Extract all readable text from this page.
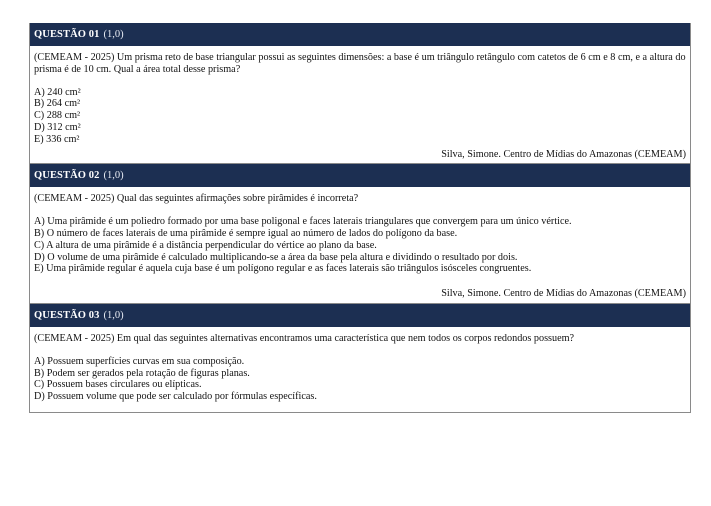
QUESTÃO 01 (1,0)

(CEMEAM - 2025) Um prisma reto de base triangular possui as seguintes dimensões: a base é um triângulo retângulo com catetos de 6 cm e 8 cm, e a altura do prisma é de 10 cm. Qual a área total desse prisma?

A) 240 cm²

B) 264 cm²

C) 288 cm²

D) 312 cm²

E) 336 cm²

Silva, Simone. Centro de Mídias do Amazonas (CEMEAM)
QUESTÃO 02 (1,0)

(CEMEAM - 2025) Qual das seguintes afirmações sobre pirâmides é incorreta?

A) Uma pirâmide é um poliedro formado por uma base poligonal e faces laterais triangulares que convergem para um único vértice.

B) O número de faces laterais de uma pirâmide é sempre igual ao número de lados do polígono da base.

C) A altura de uma pirâmide é a distância perpendicular do vértice ao plano da base.

D) O volume de uma pirâmide é calculado multiplicando-se a área da base pela altura e dividindo o resultado por dois.

E) Uma pirâmide regular é aquela cuja base é um polígono regular e as faces laterais são triângulos isósceles congruentes.

Silva, Simone. Centro de Mídias do Amazonas (CEMEAM)
QUESTÃO 03 (1,0)

(CEMEAM - 2025) Em qual das seguintes alternativas encontramos uma característica que nem todos os corpos redondos possuem?

A) Possuem superfícies curvas em sua composição.

B) Podem ser gerados pela rotação de figuras planas.

C) Possuem bases circulares ou elípticas.

D) Possuem volume que pode ser calculado por fórmulas específicas.
